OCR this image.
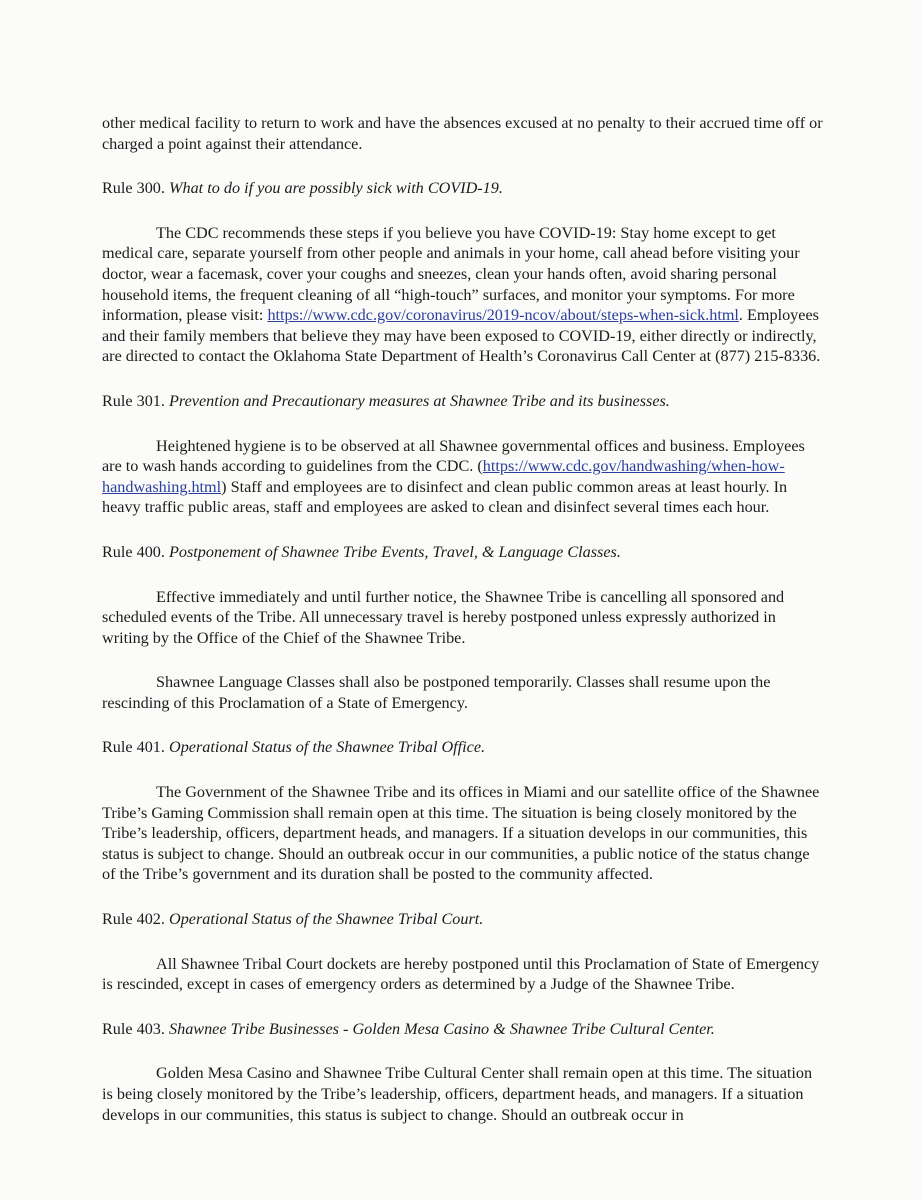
other medical facility to return to work and have the absences excused at no penalty to their accrued time off or charged a point against their attendance.

Rule 300. What to do if you are possibly sick with COVID-19.

The CDC recommends these steps if you believe you have COVID-19: Stay home except to get medical care, separate yourself from other people and animals in your home, call ahead before visiting your doctor, wear a facemask, cover your coughs and sneezes, clean your hands often, avoid sharing personal household items, the frequent cleaning of all “high-touch” surfaces, and monitor your symptoms. For more information, please visit: https://www.cdc.gov/coronavirus/2019-ncov/about/steps-when-sick.html. Employees and their family members that believe they may have been exposed to COVID-19, either directly or indirectly, are directed to contact the Oklahoma State Department of Health’s Coronavirus Call Center at (877) 215-8336.

Rule 301. Prevention and Precautionary measures at Shawnee Tribe and its businesses.

Heightened hygiene is to be observed at all Shawnee governmental offices and business. Employees are to wash hands according to guidelines from the CDC. (https://www.cdc.gov/handwashing/when-how-handwashing.html) Staff and employees are to disinfect and clean public common areas at least hourly. In heavy traffic public areas, staff and employees are asked to clean and disinfect several times each hour.

Rule 400. Postponement of Shawnee Tribe Events, Travel, & Language Classes.

Effective immediately and until further notice, the Shawnee Tribe is cancelling all sponsored and scheduled events of the Tribe. All unnecessary travel is hereby postponed unless expressly authorized in writing by the Office of the Chief of the Shawnee Tribe.

Shawnee Language Classes shall also be postponed temporarily. Classes shall resume upon the rescinding of this Proclamation of a State of Emergency.

Rule 401. Operational Status of the Shawnee Tribal Office.

The Government of the Shawnee Tribe and its offices in Miami and our satellite office of the Shawnee Tribe’s Gaming Commission shall remain open at this time. The situation is being closely monitored by the Tribe’s leadership, officers, department heads, and managers. If a situation develops in our communities, this status is subject to change. Should an outbreak occur in our communities, a public notice of the status change of the Tribe’s government and its duration shall be posted to the community affected.

Rule 402. Operational Status of the Shawnee Tribal Court.

All Shawnee Tribal Court dockets are hereby postponed until this Proclamation of State of Emergency is rescinded, except in cases of emergency orders as determined by a Judge of the Shawnee Tribe.

Rule 403. Shawnee Tribe Businesses - Golden Mesa Casino & Shawnee Tribe Cultural Center.

Golden Mesa Casino and Shawnee Tribe Cultural Center shall remain open at this time. The situation is being closely monitored by the Tribe’s leadership, officers, department heads, and managers. If a situation develops in our communities, this status is subject to change. Should an outbreak occur in
